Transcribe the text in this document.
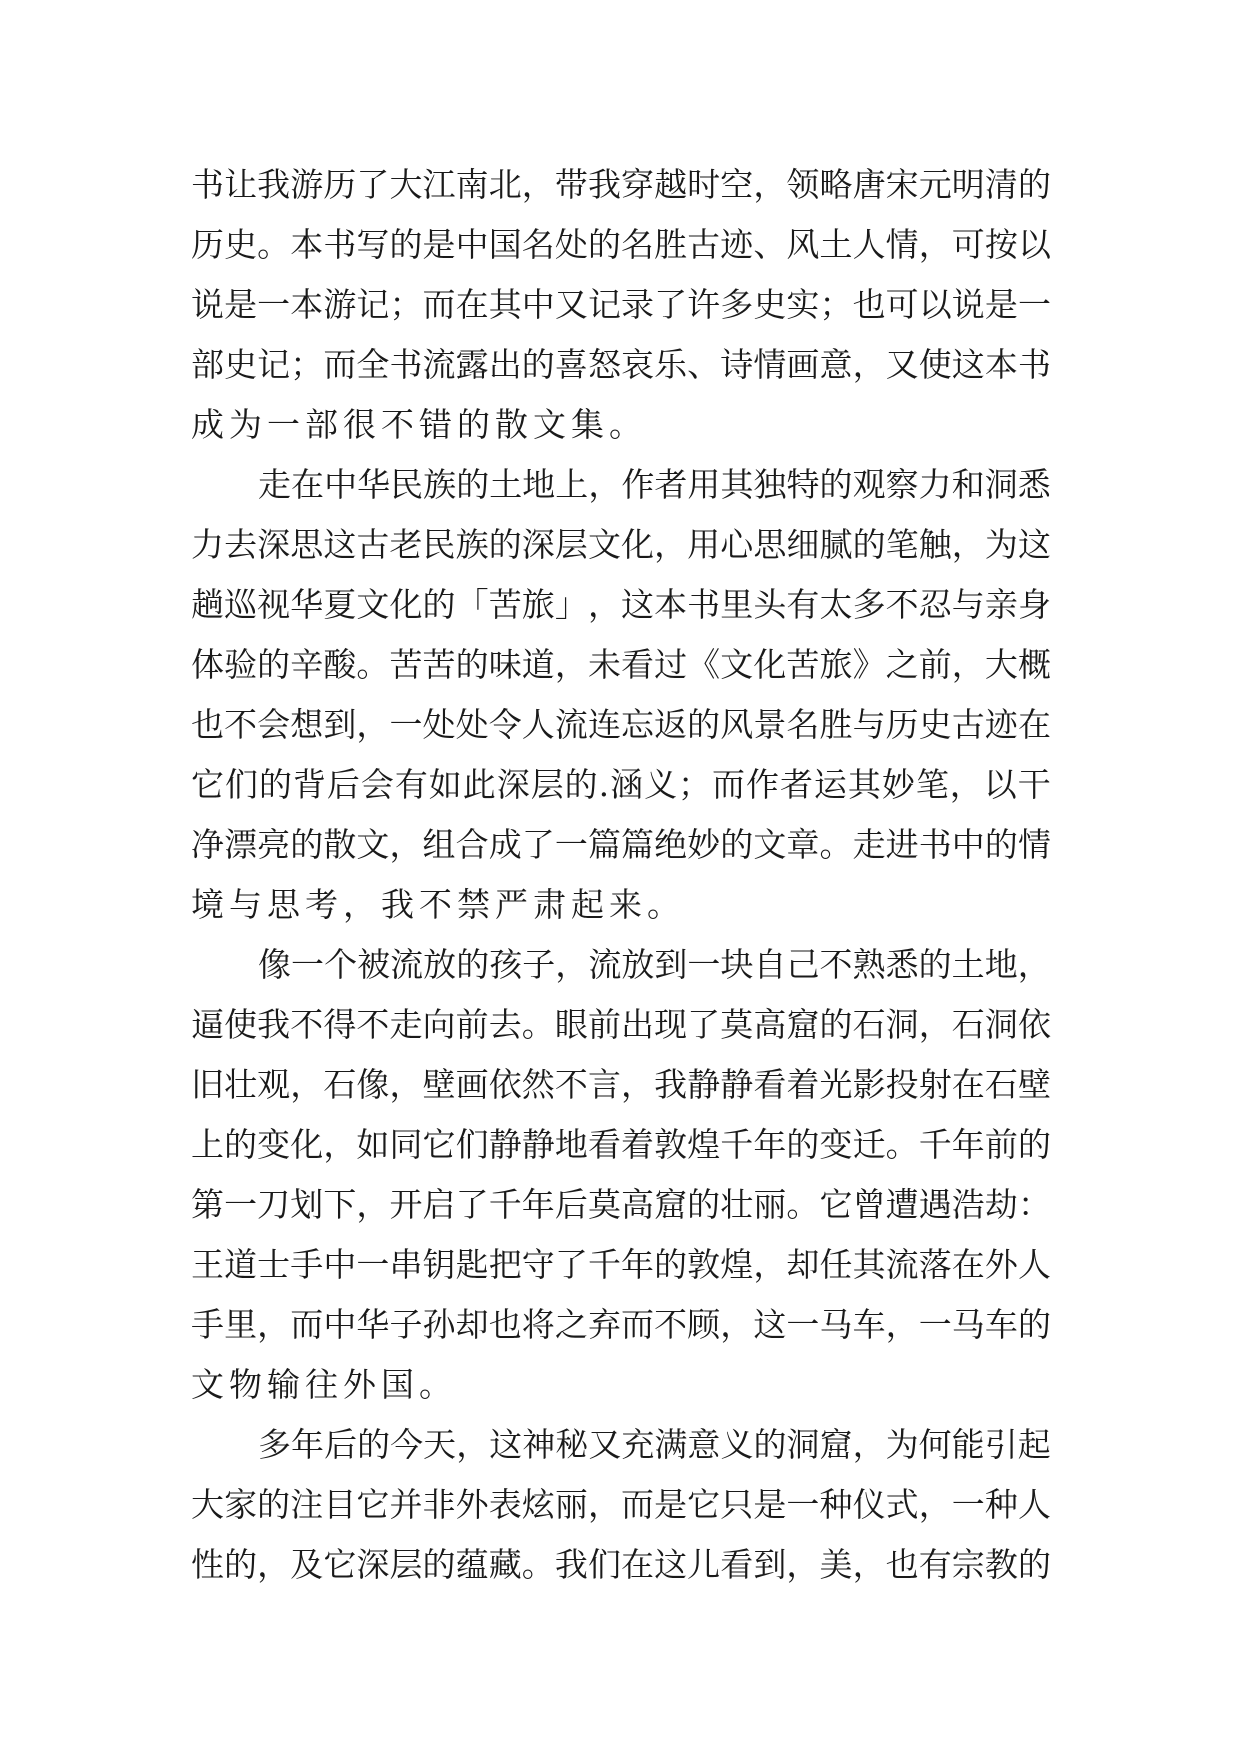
书 让 我 游 历 了 大 江 南 北 ， 带 我 穿 越 时 空 ， 领 略 唐 宋 元 明 清 的
历 史 。 本 书 写 的 是 中 国 名 处 的 名 胜 古 迹 、 风 土 人 情 ， 可 按 以
说 是 一 本 游 记 ； 而 在 其 中 又 记 录 了 许 多 史 实 ； 也 可 以 说 是 一
部 史 记 ； 而 全 书 流 露 出 的 喜 怒 哀 乐 、 诗 情 画 意 ， 又 使 这 本 书
成 为 一 部 很 不 错 的 散 文 集 。
走 在 中 华 民 族 的 土 地 上 ， 作 者 用 其 独 特 的 观 察 力 和 洞 悉
力 去 深 思 这 古 老 民 族 的 深 层 文 化 ， 用 心 思 细 腻 的 笔 触 ， 为 这
趟 巡 视 华 夏 文 化 的 「 苦 旅 」 ， 这 本 书 里 头 有 太 多 不 忍 与 亲 身
体 验 的 辛 酸 。 苦 苦 的 味 道 ， 未 看 过 《 文 化 苦 旅 》 之 前 ， 大 概
也 不 会 想 到 ， 一 处 处 令 人 流 连 忘 返 的 风 景 名 胜 与 历 史 古 迹 在
它 们 的 背 后 会 有 如 此 深 层 的 . 涵 义 ； 而 作 者 运 其 妙 笔 ， 以 干
净 漂 亮 的 散 文 ， 组 合 成 了 一 篇 篇 绝 妙 的 文 章 。 走 进 书 中 的 情
境 与 思 考 ， 我 不 禁 严 肃 起 来 。
像 一 个 被 流 放 的 孩 子 ， 流 放 到 一 块 自 己 不 熟 悉 的 土 地 ，
逼 使 我 不 得 不 走 向 前 去 。 眼 前 出 现 了 莫 高 窟 的 石 洞 ， 石 洞 依
旧 壮 观 ， 石 像 ， 壁 画 依 然 不 言 ， 我 静 静 看 着 光 影 投 射 在 石 壁
上 的 变 化 ， 如 同 它 们 静 静 地 看 着 敦 煌 千 年 的 变 迁 。 千 年 前 的
第 一 刀 划 下 ， 开 启 了 千 年 后 莫 高 窟 的 壮 丽 。 它 曾 遭 遇 浩 劫 ：
王 道 士 手 中 一 串 钥 匙 把 守 了 千 年 的 敦 煌 ， 却 任 其 流 落 在 外 人
手 里 ， 而 中 华 子 孙 却 也 将 之 弃 而 不 顾 ， 这 一 马 车 ， 一 马 车 的
文 物 输 往 外 国 。
多 年 后 的 今 天 ， 这 神 秘 又 充 满 意 义 的 洞 窟 ， 为 何 能 引 起
大 家 的 注 目 它 并 非 外 表 炫 丽 ， 而 是 它 只 是 一 种 仪 式 ， 一 种 人
性 的 ， 及 它 深 层 的 蕴 藏 。 我 们 在 这 儿 看 到 ， 美 ， 也 有 宗 教 的
